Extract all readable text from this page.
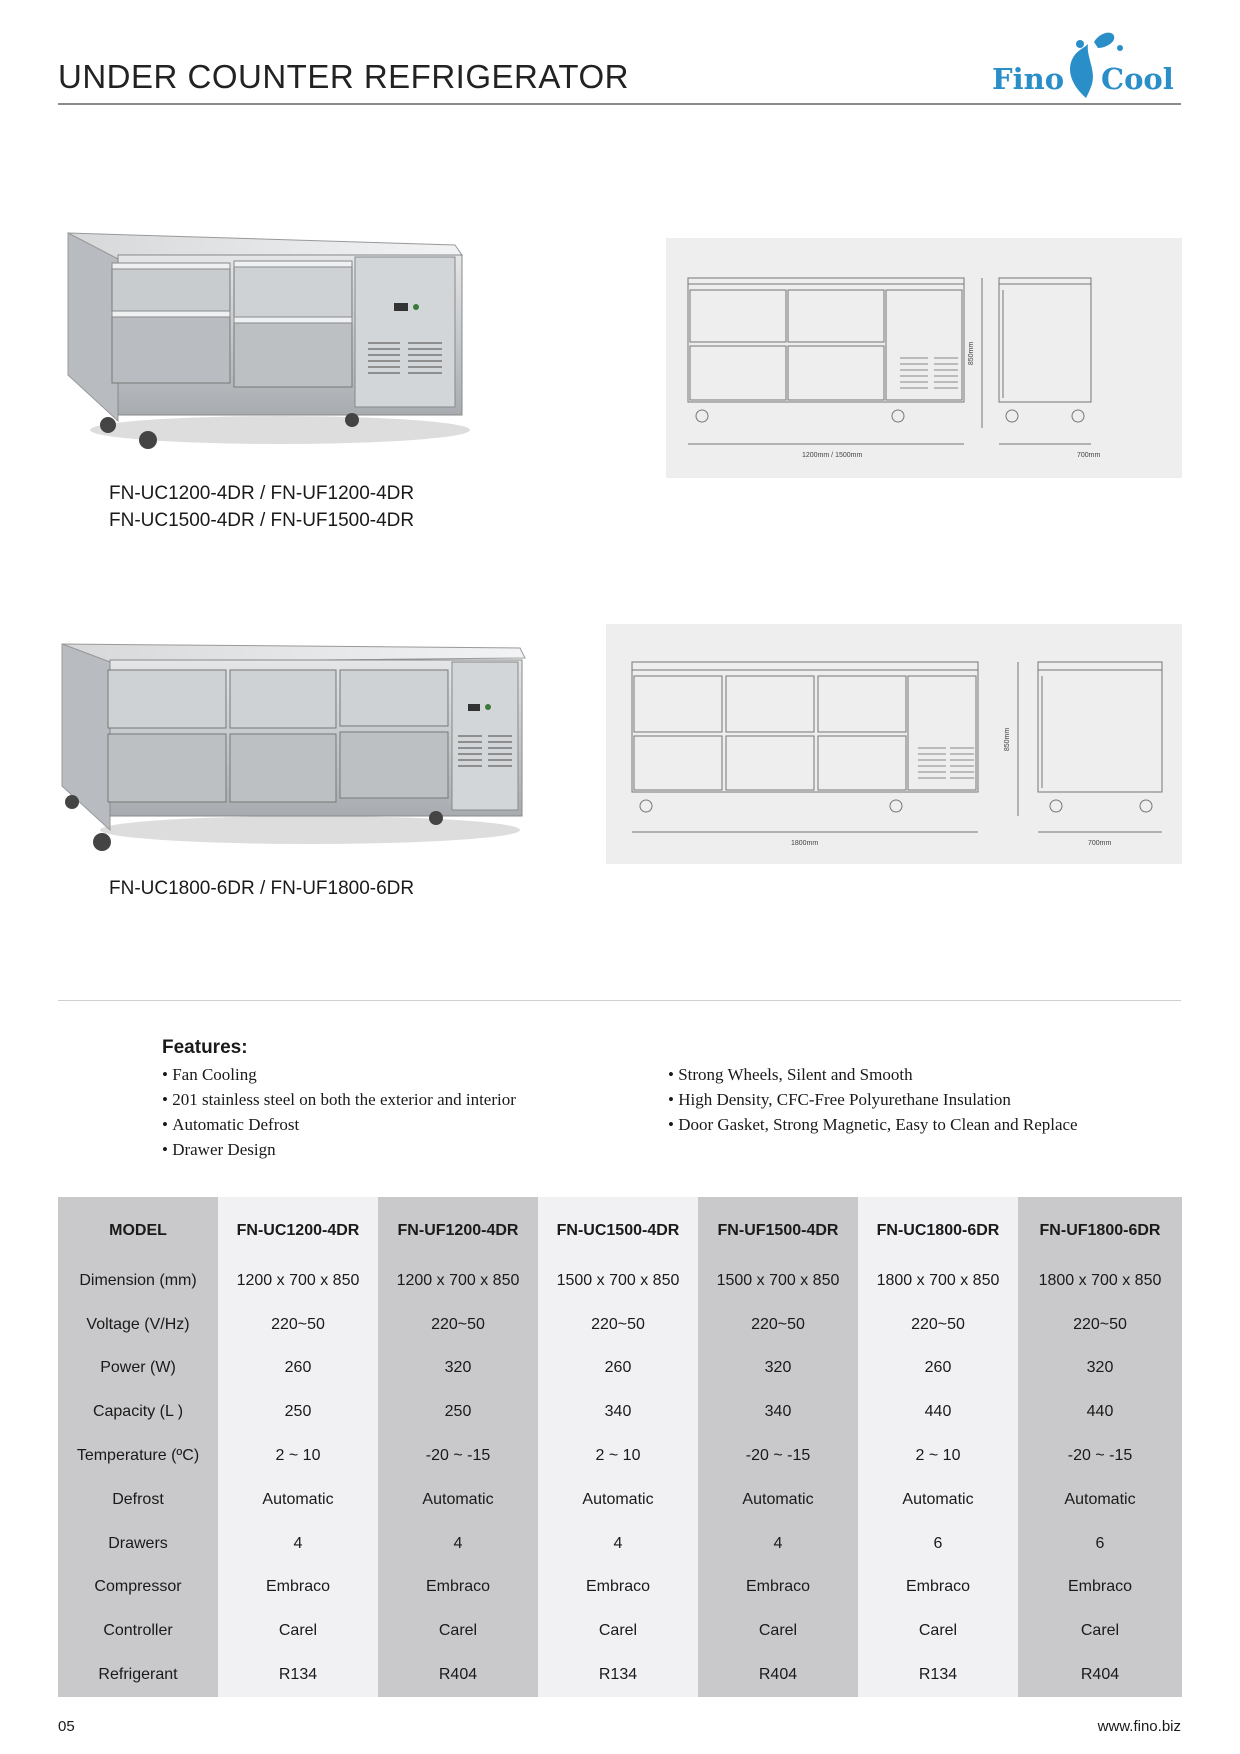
UNDER COUNTER REFRIGERATOR	Fino Cool
FN-UC1200-4DR / FN-UF1200-4DR
FN-UC1500-4DR / FN-UF1500-4DR
1200mm / 1500mm	700mm
850mm
FN-UC1800-6DR / FN-UF1800-6DR
1800mm	700mm
850mm
Features:
• Fan Cooling
• 201 stainless steel on both the exterior and interior
• Automatic Defrost
• Drawer Design
• Strong Wheels, Silent and Smooth
• High Density, CFC-Free Polyurethane Insulation
• Door Gasket, Strong Magnetic, Easy to Clean and Replace
MODEL	FN-UC1200-4DR	FN-UF1200-4DR	FN-UC1500-4DR	FN-UF1500-4DR	FN-UC1800-6DR	FN-UF1800-6DR
Dimension (mm)	1200 x 700 x 850	1200 x 700 x 850	1500 x 700 x 850	1500 x 700 x 850	1800 x 700 x 850	1800 x 700 x 850
Voltage (V/Hz)	220~50	220~50	220~50	220~50	220~50	220~50
Power (W)	260	320	260	320	260	320
Capacity (L )	250	250	340	340	440	440
Temperature (ºC)	2 ~ 10	-20 ~ -15	2 ~ 10	-20 ~ -15	2 ~ 10	-20 ~ -15
Defrost	Automatic	Automatic	Automatic	Automatic	Automatic	Automatic
Drawers	4	4	4	4	6	6
Compressor	Embraco	Embraco	Embraco	Embraco	Embraco	Embraco
Controller	Carel	Carel	Carel	Carel	Carel	Carel
Refrigerant	R134	R404	R134	R404	R134	R404
05	www.fino.biz
